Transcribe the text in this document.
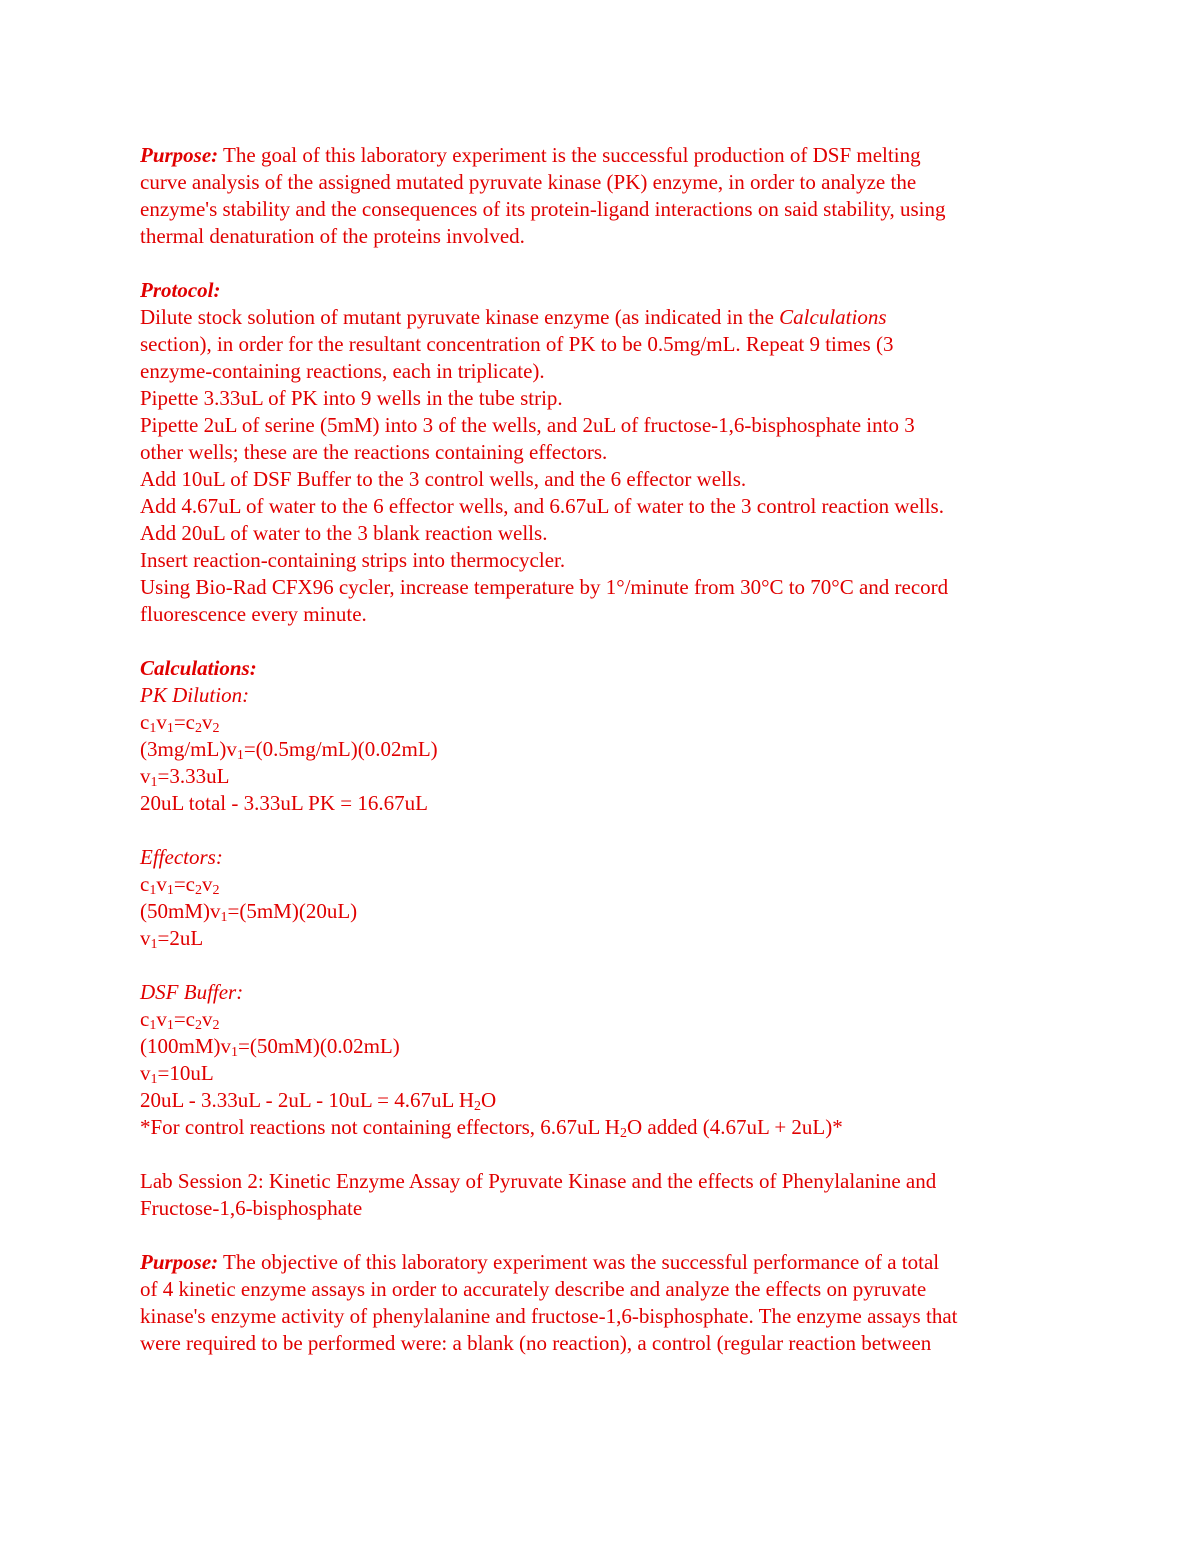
Purpose: The goal of this laboratory experiment is the successful production of DSF melting
curve analysis of the assigned mutated pyruvate kinase (PK) enzyme, in order to analyze the
enzyme's stability and the consequences of its protein-ligand interactions on said stability, using
thermal denaturation of the proteins involved.
Protocol:
Dilute stock solution of mutant pyruvate kinase enzyme (as indicated in the Calculations
section), in order for the resultant concentration of PK to be 0.5mg/mL. Repeat 9 times (3
enzyme-containing reactions, each in triplicate).
Pipette 3.33uL of PK into 9 wells in the tube strip.
Pipette 2uL of serine (5mM) into 3 of the wells, and 2uL of fructose-1,6-bisphosphate into 3
other wells; these are the reactions containing effectors.
Add 10uL of DSF Buffer to the 3 control wells, and the 6 effector wells.
Add 4.67uL of water to the 6 effector wells, and 6.67uL of water to the 3 control reaction wells.
Add 20uL of water to the 3 blank reaction wells.
Insert reaction-containing strips into thermocycler.
Using Bio-Rad CFX96 cycler, increase temperature by 1°/minute from 30°C to 70°C and record
fluorescence every minute.
Calculations:
PK Dilution:
$c_1v_1=c_2v_2$
$(3mg/mL)v_1=(0.5mg/mL)(0.02mL)$
$v_1=3.33uL$
20uL total - 3.33uL PK = 16.67uL
Effectors:
$c_1v_1=c_2v_2$
$(50mM)v_1=(5mM)(20uL)$
$v_1=2uL$
DSF Buffer:
$c_1v_1=c_2v_2$
$(100mM)v_1=(50mM)(0.02mL)$
$v_1=10uL$
20uL - 3.33uL - 2uL - 10uL = 4.67uL $H_2O$
*For control reactions not containing effectors, 6.67uL $H_2O$ added (4.67uL + 2uL)*
Lab Session 2: Kinetic Enzyme Assay of Pyruvate Kinase and the effects of Phenylalanine and
Fructose-1,6-bisphosphate
Purpose: The objective of this laboratory experiment was the successful performance of a total
of 4 kinetic enzyme assays in order to accurately describe and analyze the effects on pyruvate
kinase's enzyme activity of phenylalanine and fructose-1,6-bisphosphate. The enzyme assays that
were required to be performed were: a blank (no reaction), a control (regular reaction between
